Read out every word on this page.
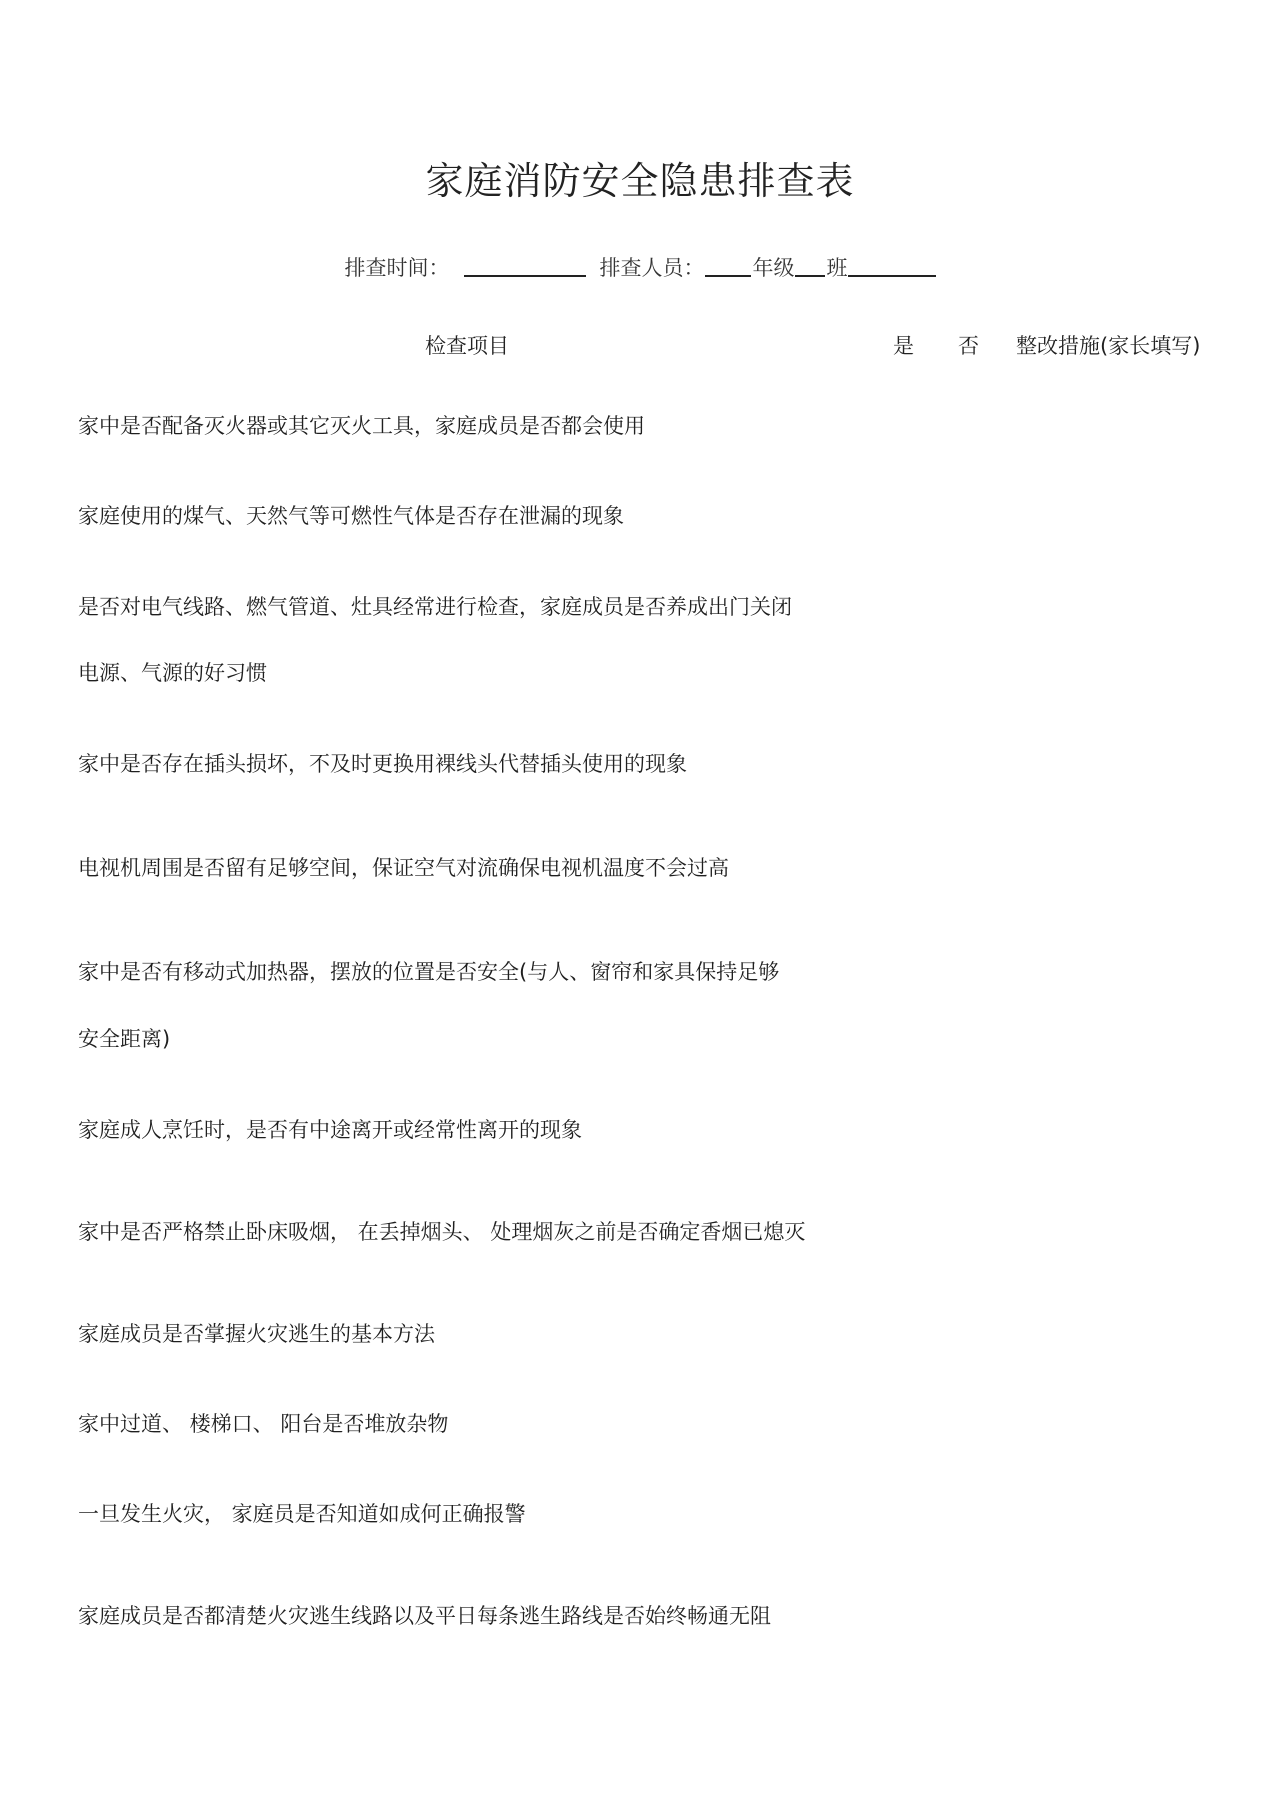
家庭消防安全隐患排查表
排查时间：	排查人员： 年级 班
检查项目	是 否 整改措施(家长填写)
家中是否配备灭火器或其它灭火工具，家庭成员是否都会使用
家庭使用的煤气、天然气等可燃性气体是否存在泄漏的现象
是否对电气线路、燃气管道、灶具经常进行检查，家庭成员是否养成出门关闭
电源、气源的好习惯
家中是否存在插头损坏，不及时更换用裸线头代替插头使用的现象
电视机周围是否留有足够空间，保证空气对流确保电视机温度不会过高
家中是否有移动式加热器，摆放的位置是否安全(与人、窗帘和家具保持足够
安全距离)
家庭成人烹饪时，是否有中途离开或经常性离开的现象
家中是否严格禁止卧床吸烟， 在丢掉烟头、 处理烟灰之前是否确定香烟已熄灭
家庭成员是否掌握火灾逃生的基本方法
家中过道、 楼梯口、 阳台是否堆放杂物
一旦发生火灾， 家庭员是否知道如成何正确报警
家庭成员是否都清楚火灾逃生线路以及平日每条逃生路线是否始终畅通无阻
